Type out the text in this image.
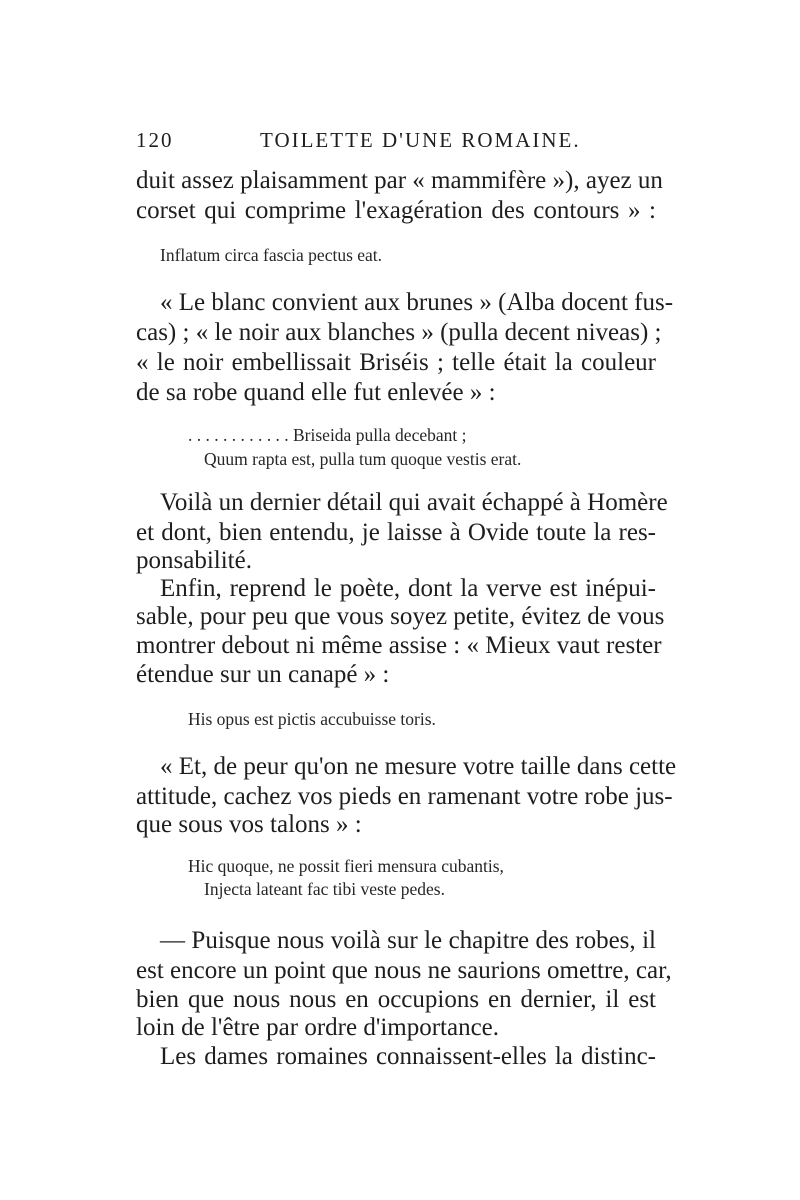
120	TOILETTE D'UNE ROMAINE.
duit assez plaisamment par « mammifère »), ayez un
corset qui comprime l'exagération des contours » :
Inflatum circa fascia pectus eat.
« Le blanc convient aux brunes » (Alba docent fus-
cas) ; « le noir aux blanches » (pulla decent niveas) ;
« le noir embellissait Briséis ; telle était la couleur
de sa robe quand elle fut enlevée » :
. . . . . . . . . . . . Briseida pulla decebant ;
Quum rapta est, pulla tum quoque vestis erat.
Voilà un dernier détail qui avait échappé à Homère
et dont, bien entendu, je laisse à Ovide toute la res-
ponsabilité.
Enfin, reprend le poète, dont la verve est inépui-
sable, pour peu que vous soyez petite, évitez de vous
montrer debout ni même assise : « Mieux vaut rester
étendue sur un canapé » :
His opus est pictis accubuisse toris.
« Et, de peur qu'on ne mesure votre taille dans cette
attitude, cachez vos pieds en ramenant votre robe jus-
que sous vos talons » :
Hic quoque, ne possit fieri mensura cubantis,
Injecta lateant fac tibi veste pedes.
— Puisque nous voilà sur le chapitre des robes, il
est encore un point que nous ne saurions omettre, car,
bien que nous nous en occupions en dernier, il est
loin de l'être par ordre d'importance.
Les dames romaines connaissent-elles la distinc-
